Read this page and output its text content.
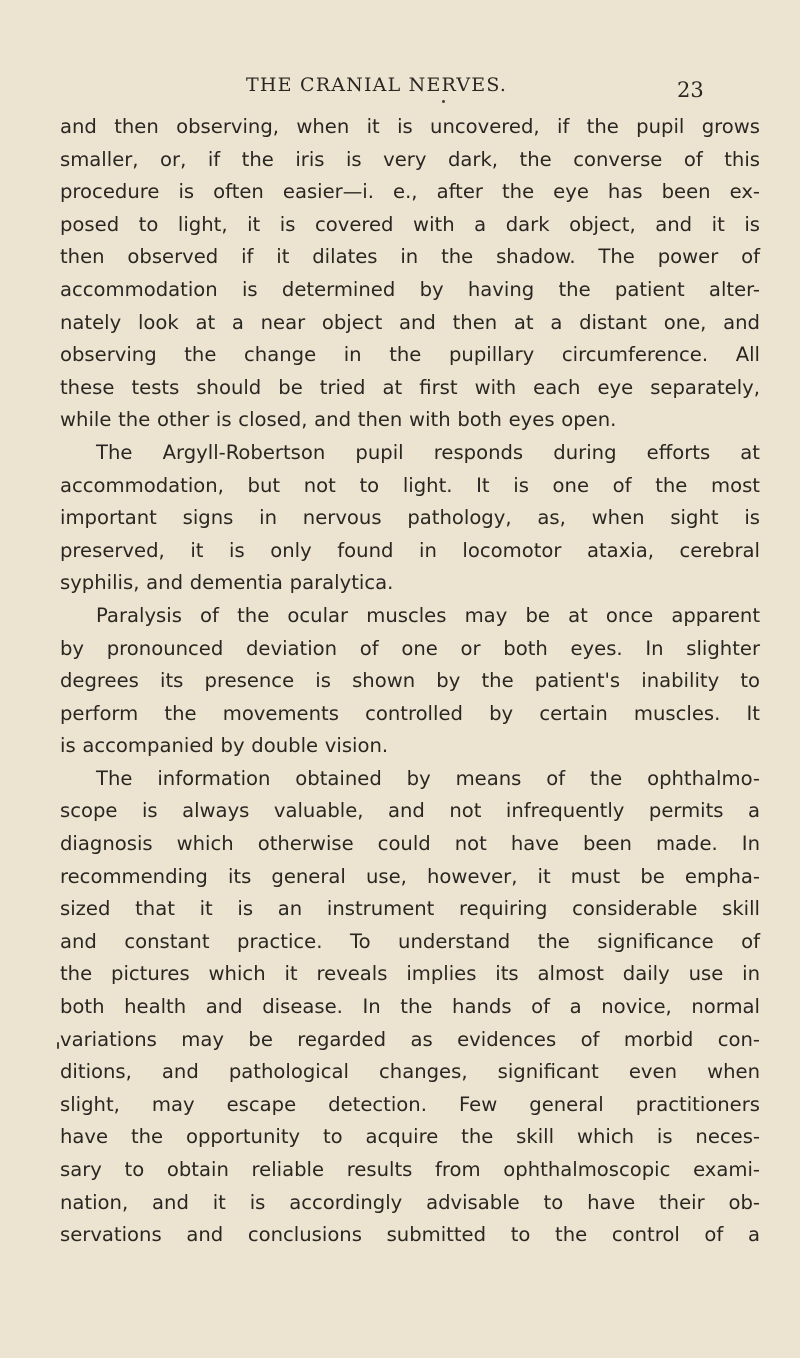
THE CRANIAL NERVES.	23
and then observing, when it is uncovered, if the pupil grows
smaller, or, if the iris is very dark, the converse of this
procedure is often easier—i. e., after the eye has been ex-
posed to light, it is covered with a dark object, and it is
then observed if it dilates in the shadow. The power of
accommodation is determined by having the patient alter-
nately look at a near object and then at a distant one, and
observing the change in the pupillary circumference. All
these tests should be tried at first with each eye separately,
while the other is closed, and then with both eyes open.
The Argyll-Robertson pupil responds during efforts at
accommodation, but not to light. It is one of the most
important signs in nervous pathology, as, when sight is
preserved, it is only found in locomotor ataxia, cerebral
syphilis, and dementia paralytica.
Paralysis of the ocular muscles may be at once apparent
by pronounced deviation of one or both eyes. In slighter
degrees its presence is shown by the patient's inability to
perform the movements controlled by certain muscles. It
is accompanied by double vision.
The information obtained by means of the ophthalmo-
scope is always valuable, and not infrequently permits a
diagnosis which otherwise could not have been made. In
recommending its general use, however, it must be empha-
sized that it is an instrument requiring considerable skill
and constant practice. To understand the significance of
the pictures which it reveals implies its almost daily use in
both health and disease. In the hands of a novice, normal
variations may be regarded as evidences of morbid con-
ditions, and pathological changes, significant even when
slight, may escape detection. Few general practitioners
have the opportunity to acquire the skill which is neces-
sary to obtain reliable results from ophthalmoscopic exami-
nation, and it is accordingly advisable to have their ob-
servations and conclusions submitted to the control of a
